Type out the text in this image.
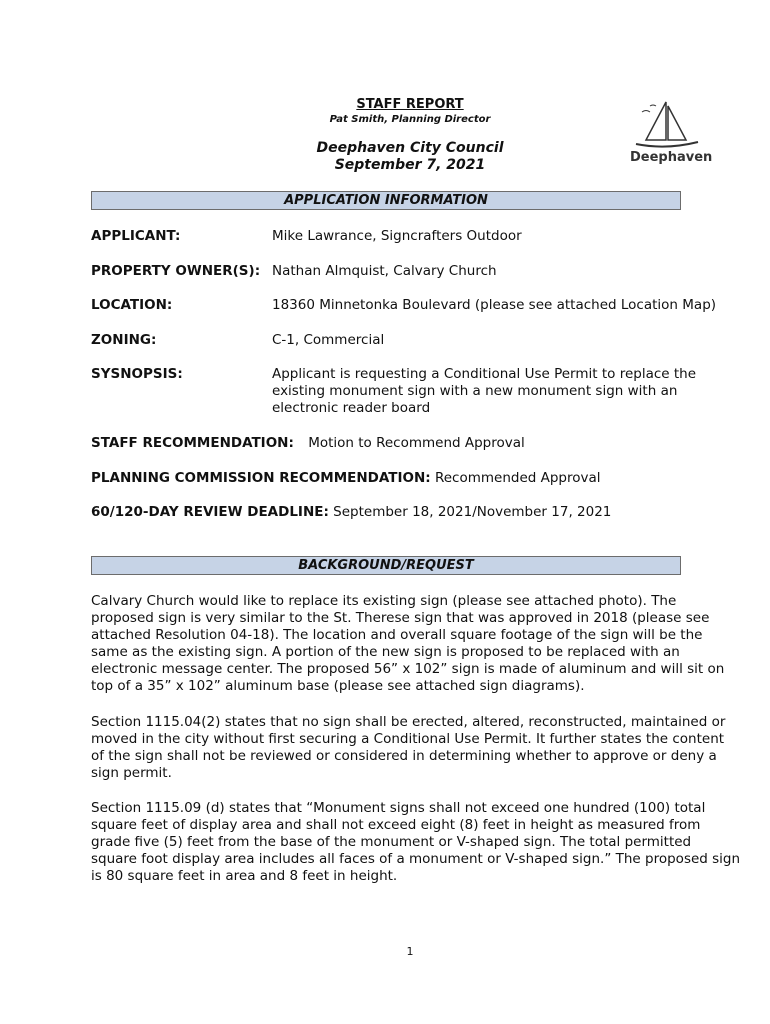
STAFF REPORT
Pat Smith, Planning Director
Deephaven City Council
September 7, 2021	Deephaven
APPLICATION INFORMATION
APPLICANT:	Mike Lawrance, Signcrafters Outdoor
PROPERTY OWNER(S): Nathan Almquist, Calvary Church
LOCATION:	18360 Minnetonka Boulevard (please see attached Location Map)
ZONING:	C-1, Commercial
SYSNOPSIS:	Applicant is requesting a Conditional Use Permit to replace the existing monument sign with a new monument sign with an electronic reader board
STAFF RECOMMENDATION: Motion to Recommend Approval
PLANNING COMMISSION RECOMMENDATION: Recommended Approval
60/120-DAY REVIEW DEADLINE: September 18, 2021/November 17, 2021
BACKGROUND/REQUEST
Calvary Church would like to replace its existing sign (please see attached photo). The proposed sign is very similar to the St. Therese sign that was approved in 2018 (please see attached Resolution 04-18). The location and overall square footage of the sign will be the same as the existing sign. A portion of the new sign is proposed to be replaced with an electronic message center. The proposed 56” x 102” sign is made of aluminum and will sit on top of a 35” x 102” aluminum base (please see attached sign diagrams).
Section 1115.04(2) states that no sign shall be erected, altered, reconstructed, maintained or moved in the city without first securing a Conditional Use Permit. It further states the content of the sign shall not be reviewed or considered in determining whether to approve or deny a sign permit.
Section 1115.09 (d) states that “Monument signs shall not exceed one hundred (100) total square feet of display area and shall not exceed eight (8) feet in height as measured from grade five (5) feet from the base of the monument or V-shaped sign. The total permitted square foot display area includes all faces of a monument or V-shaped sign.” The proposed sign is 80 square feet in area and 8 feet in height.
1
